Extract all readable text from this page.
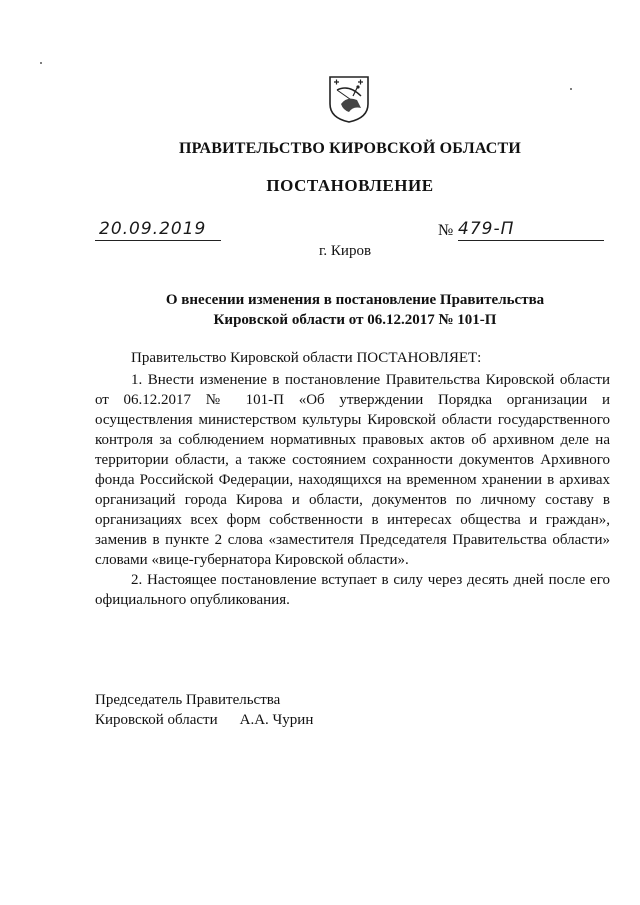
ПРАВИТЕЛЬСТВО КИРОВСКОЙ ОБЛАСТИ
ПОСТАНОВЛЕНИЕ
20.09.2019	№ 479-П
г. Киров
О внесении изменения в постановление Правительства
Кировской области от 06.12.2017 № 101-П

Правительство Кировской области ПОСТАНОВЛЯЕТ:

1. Внести изменение в постановление Правительства Кировской области от 06.12.2017 № 101-П «Об утверждении Порядка организации и осуществления министерством культуры Кировской области государственного контроля за соблюдением нормативных правовых актов об архивном деле на территории области, а также состоянием сохранности документов Архивного фонда Российской Федерации, находящихся на временном хранении в архивах организаций города Кирова и области, документов по личному составу в организациях всех форм собственности в интересах общества и граждан», заменив в пункте 2 слова «заместителя Председателя Правительства области» словами «вице-губернатора Кировской области».

2. Настоящее постановление вступает в силу через десять дней после его официального опубликования.

Председатель Правительства
Кировской области А.А. Чурин
